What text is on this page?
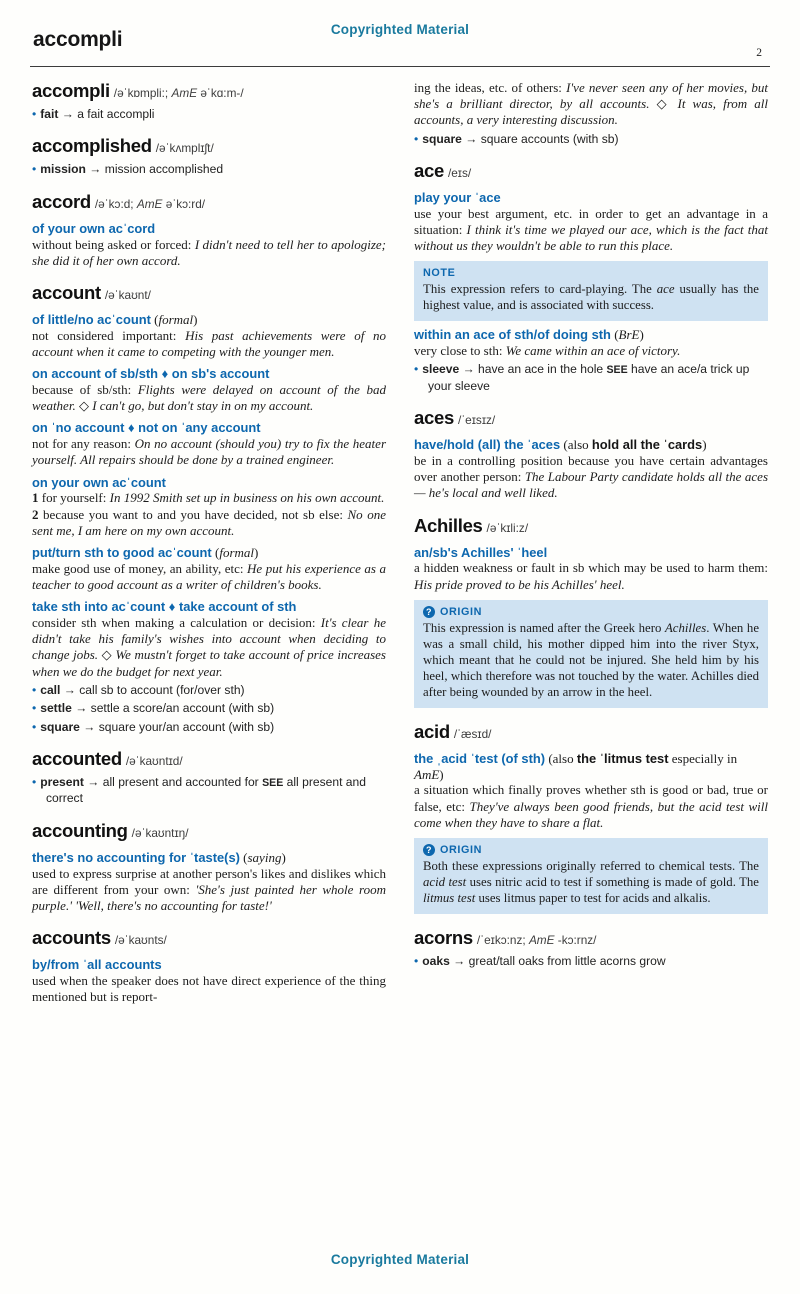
Copyrighted Material
accompli
2

accompli /əˈkɒmpli:; AmE əˈkɑ:m-/

• fait → a fait accompli

accomplished /əˈkʌmplɪʃt/

• mission → mission accomplished

accord /əˈkɔ:d; AmE əˈkɔ:rd/

of your own acˈcord

without being asked or forced: I didn't need to tell her to apologize; she did it of her own accord.

account /əˈkaʊnt/

of little/no acˈcount (formal)

not considered important: His past achievements were of no account when it came to competing with the younger men.

on account of sb/sth ♦ on sb's account

because of sb/sth: Flights were delayed on account of the bad weather. ◇ I can't go, but don't stay in on my account.

on ˈno account ♦ not on ˈany account

not for any reason: On no account (should you) try to fix the heater yourself. All repairs should be done by a trained engineer.

on your own acˈcount

1 for yourself: In 1992 Smith set up in business on his own account.

2 because you want to and you have decided, not sb else: No one sent me, I am here on my own account.

put/turn sth to good acˈcount (formal)

make good use of money, an ability, etc: He put his experience as a teacher to good account as a writer of children's books.

take sth into acˈcount ♦ take account of sth

consider sth when making a calculation or decision: It's clear he didn't take his family's wishes into account when deciding to change jobs. ◇ We mustn't forget to take account of price increases when we do the budget for next year.

• call → call sb to account (for/over sth)

• settle → settle a score/an account (with sb)

• square → square your/an account (with sb)

accounted /əˈkaʊntɪd/

• present → all present and accounted for SEE all present and correct

accounting /əˈkaʊntɪŋ/

there's no accounting for ˈtaste(s) (saying)

used to express surprise at another person's likes and dislikes which are different from your own: 'She's just painted her whole room purple.' 'Well, there's no accounting for taste!'

accounts /əˈkaʊnts/

by/from ˈall accounts

used when the speaker does not have direct experience of the thing mentioned but is report-

ing the ideas, etc. of others: I've never seen any of her movies, but she's a brilliant director, by all accounts. ◇ It was, from all accounts, a very interesting discussion.

• square → square accounts (with sb)

ace /eɪs/

play your ˈace

use your best argument, etc. in order to get an advantage in a situation: I think it's time we played our ace, which is the fact that without us they wouldn't be able to run this place.

NOTE

This expression refers to card-playing. The ace usually has the highest value, and is associated with success.

within an ace of sth/of doing sth (BrE)

very close to sth: We came within an ace of victory.

• sleeve → have an ace in the hole SEE have an ace/a trick up your sleeve

aces /ˈeɪsɪz/

have/hold (all) the ˈaces (also hold all the ˈcards)

be in a controlling position because you have certain advantages over another person: The Labour Party candidate holds all the aces — he's local and well liked.

Achilles /əˈkɪli:z/

an/sb's Achilles' ˈheel

a hidden weakness or fault in sb which may be used to harm them: His pride proved to be his Achilles' heel.

? ORIGIN

This expression is named after the Greek hero Achilles. When he was a small child, his mother dipped him into the river Styx, which meant that he could not be injured. She held him by his heel, which therefore was not touched by the water. Achilles died after being wounded by an arrow in the heel.

acid /ˈæsɪd/

the ˌacid ˈtest (of sth) (also the ˈlitmus test especially in AmE)

a situation which finally proves whether sth is good or bad, true or false, etc: They've always been good friends, but the acid test will come when they have to share a flat.

? ORIGIN

Both these expressions originally referred to chemical tests. The acid test uses nitric acid to test if something is made of gold. The litmus test uses litmus paper to test for acids and alkalis.

acorns /ˈeɪkɔ:nz; AmE -kɔ:rnz/

• oaks → great/tall oaks from little acorns grow

Copyrighted Material
